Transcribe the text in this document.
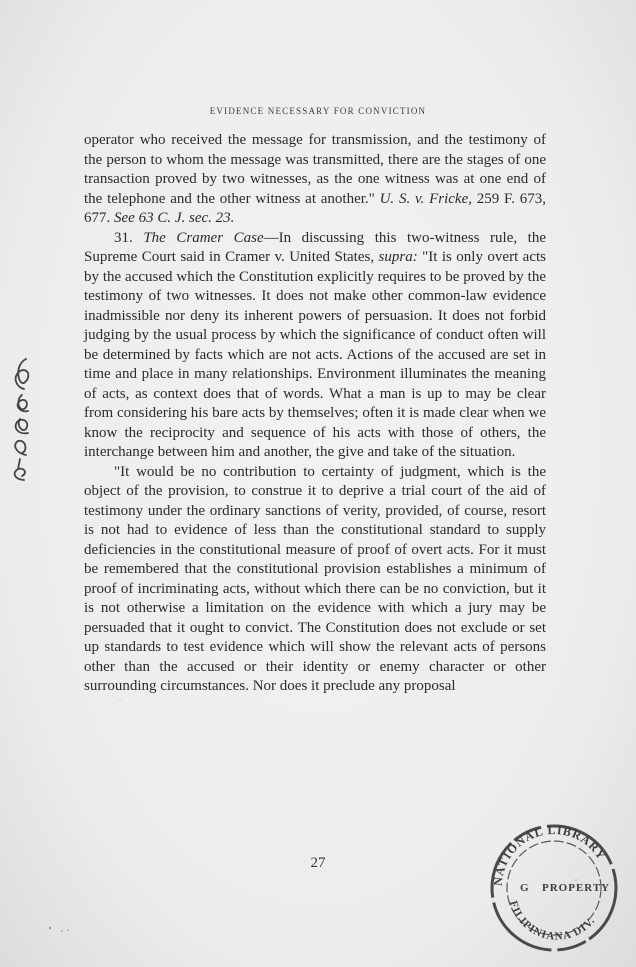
EVIDENCE NECESSARY FOR CONVICTION

operator who received the message for transmission, and the testimony of the person to whom the message was transmitted, there are the stages of one transaction proved by two witnesses, as the one witness was at one end of the telephone and the other witness at another." U. S. v. Fricke, 259 F. 673, 677. See 63 C. J. sec. 23.

31. The Cramer Case—In discussing this two-witness rule, the Supreme Court said in Cramer v. United States, supra: "It is only overt acts by the accused which the Constitution explicitly requires to be proved by the testimony of two witnesses. It does not make other common-law evidence inadmissible nor deny its inherent powers of persuasion. It does not forbid judging by the usual process by which the significance of conduct often will be determined by facts which are not acts. Actions of the accused are set in time and place in many relationships. Environment illuminates the meaning of acts, as context does that of words. What a man is up to may be clear from considering his bare acts by themselves; often it is made clear when we know the reciprocity and sequence of his acts with those of others, the interchange between him and another, the give and take of the situation.

"It would be no contribution to certainty of judgment, which is the object of the provision, to construe it to deprive a trial court of the aid of testimony under the ordinary sanctions of verity, provided, of course, resort is not had to evidence of less than the constitutional standard to supply deficiencies in the constitutional measure of proof of overt acts. For it must be remembered that the constitutional provision establishes a minimum of proof of incriminating acts, without which there can be no conviction, but it is not otherwise a limitation on the evidence with which a jury may be persuaded that it ought to convict. The Constitution does not exclude or set up standards to test evidence which will show the relevant acts of persons other than the accused or their identity or enemy character or other surrounding circumstances. Nor does it preclude any proposal

27
NATIONAL LIBRARY
G PROPERTY
FILIPINIANA DIV.
